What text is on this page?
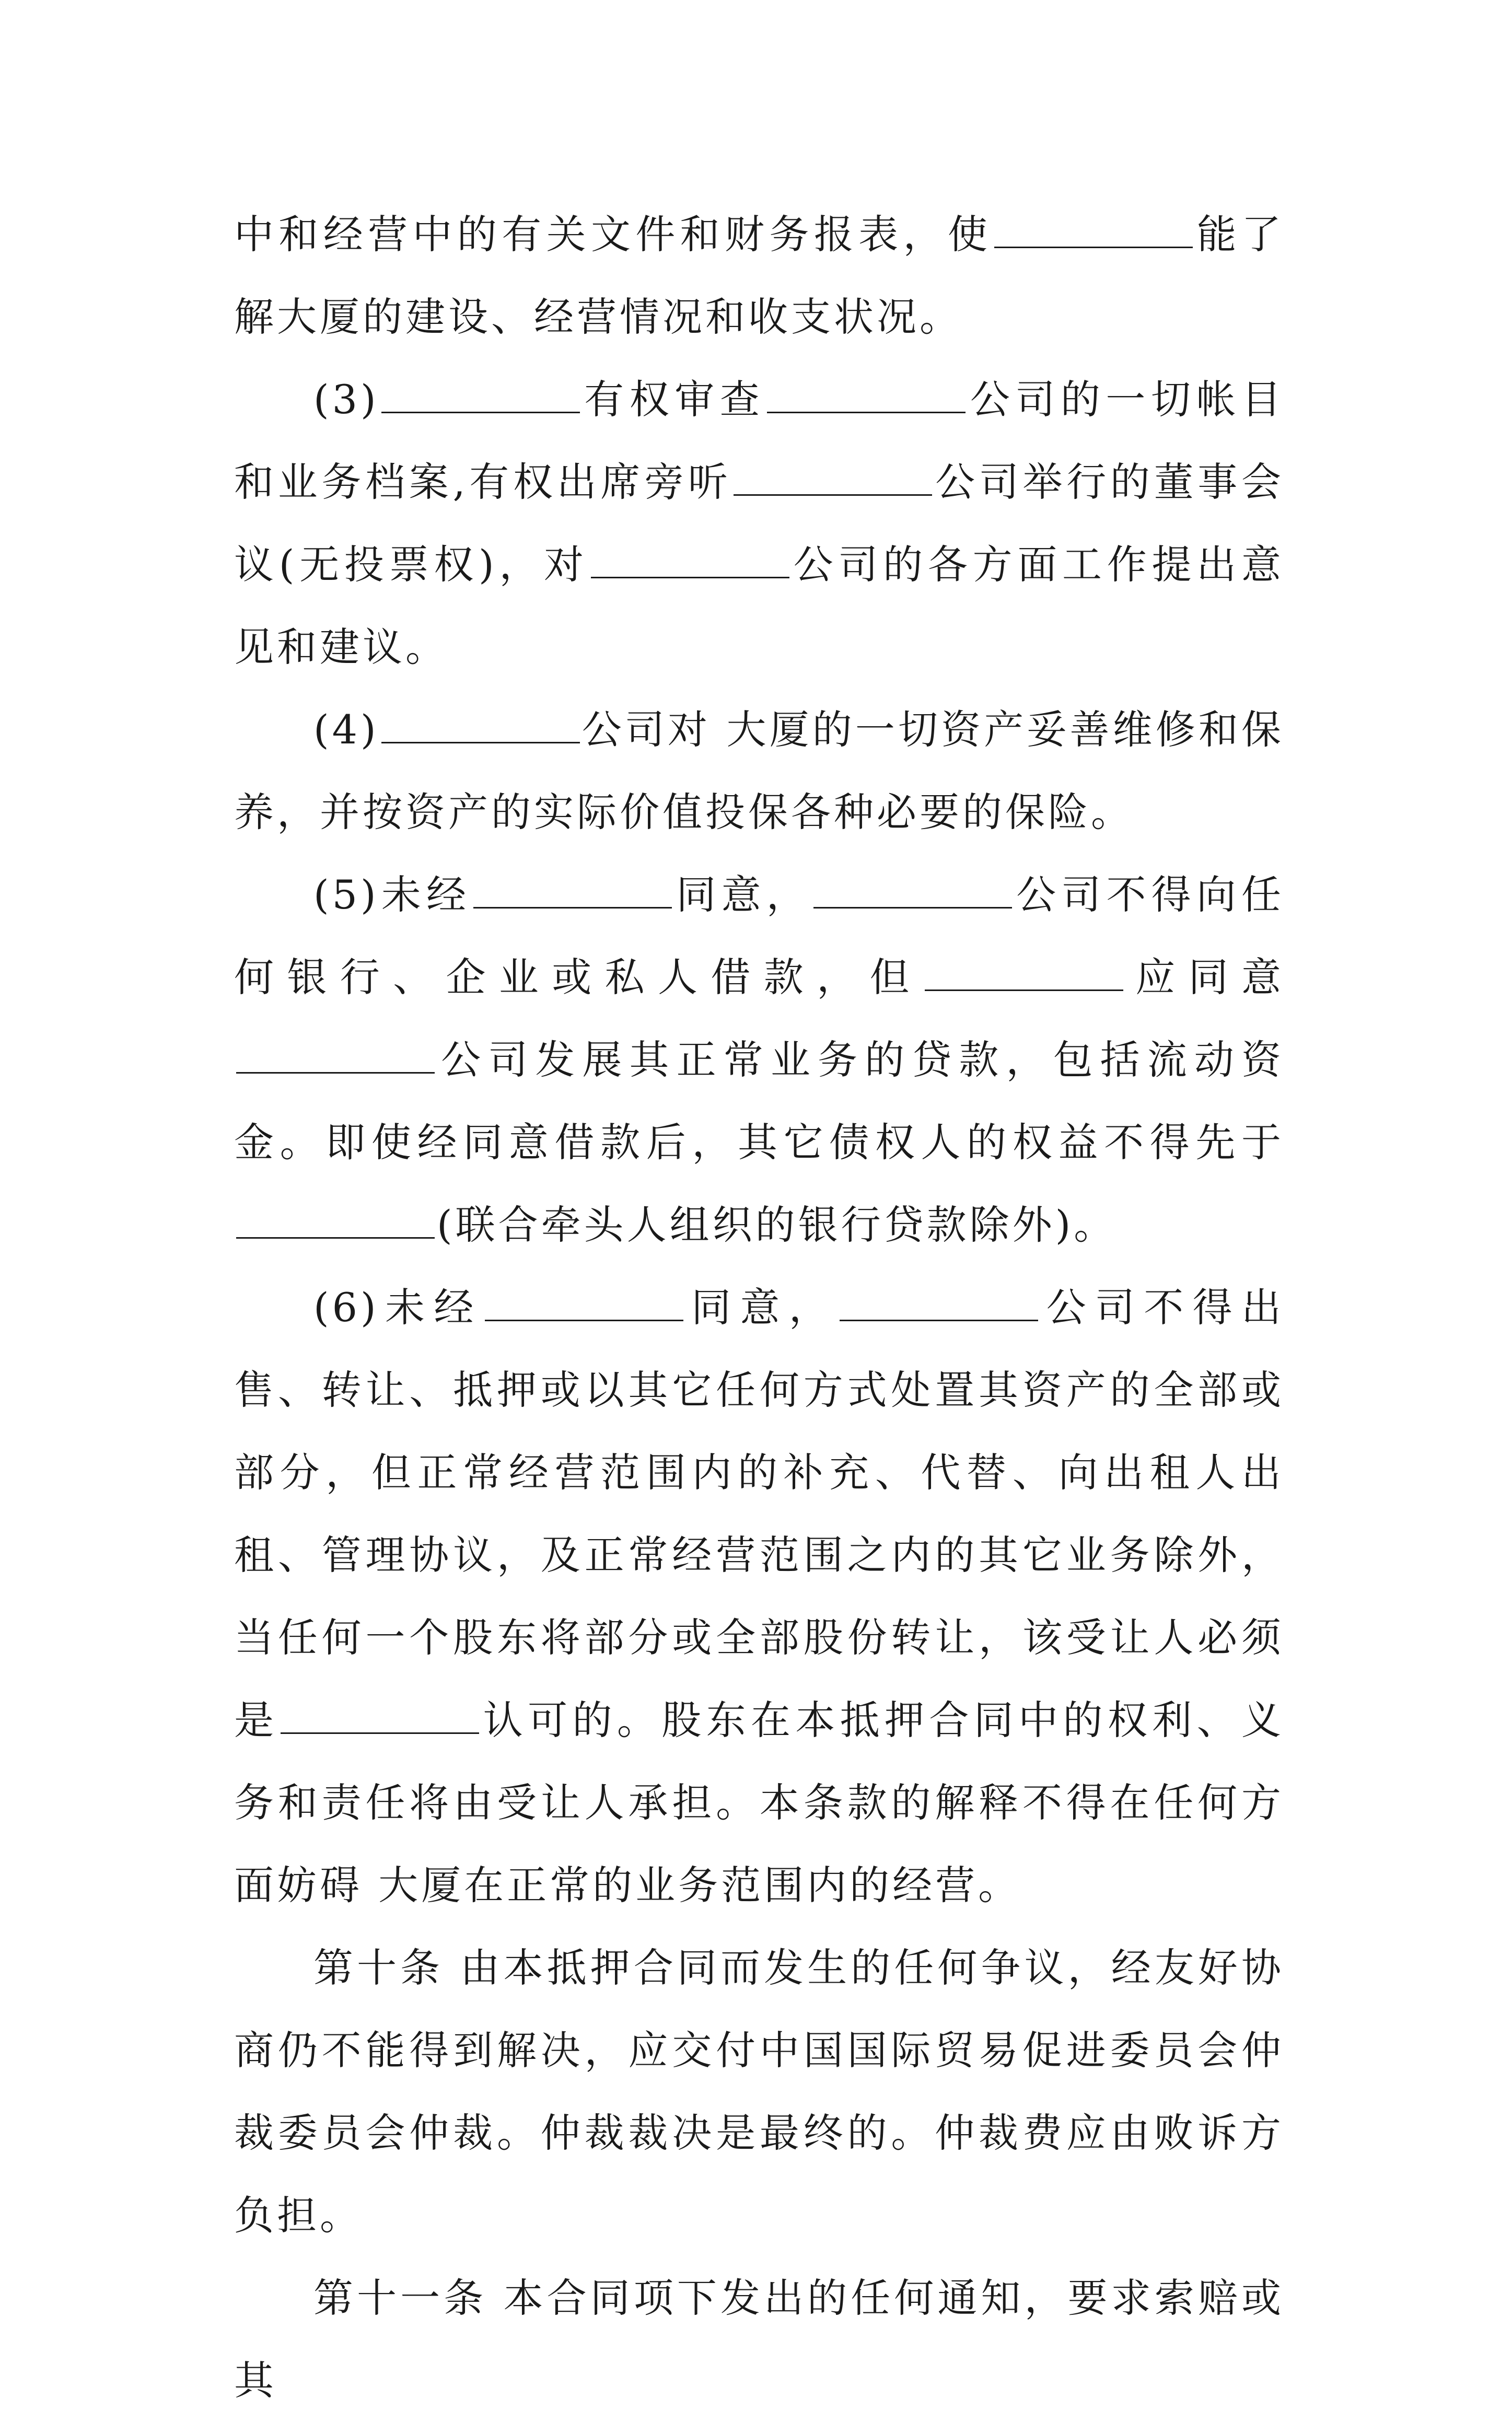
中和经营中的有关文件和财务报表，使	能了解大厦的建设、经营情况和收支状况。

(3)	有权审查	公司的一切帐目和业务档案,有权出席旁听	公司举行的董事会议(无投票权)，对	公司的各方面工作提出意见和建议。

(4)	公司对 大厦的一切资产妥善维修和保养，并按资产的实际价值投保各种必要的保险。

(5)未经	同意，	公司不得向任何银行、企业或私人借款，但	应同意公司发展其正常业务的贷款，包括流动资金。即使经同意借款后，其它债权人的权益不得先于(联合牵头人组织的银行贷款除外)。

(6)未经	同意，	公司不得出售、转让、抵押或以其它任何方式处置其资产的全部或部分，但正常经营范围内的补充、代替、向出租人出租、管理协议，及正常经营范围之内的其它业务除外，当任何一个股东将部分或全部股份转让，该受让人必须是	认可的。股东在本抵押合同中的权利、义务和责任将由受让人承担。本条款的解释不得在任何方面妨碍 大厦在正常的业务范围内的经营。

第十条 由本抵押合同而发生的任何争议，经友好协商仍不能得到解决，应交付中国国际贸易促进委员会仲裁委员会仲裁。仲裁裁决是最终的。仲裁费应由败诉方负担。

第十一条 本合同项下发出的任何通知，要求索赔或其
